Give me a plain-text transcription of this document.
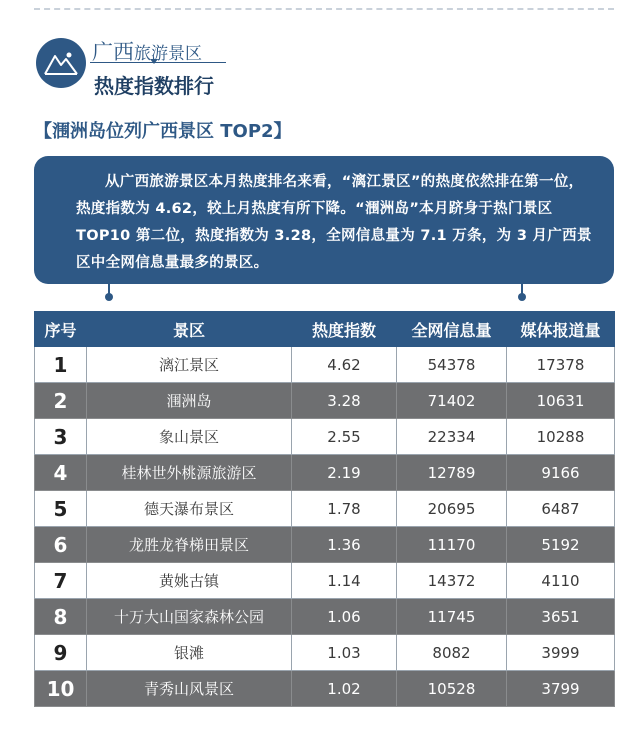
广西旅游景区
热度指数排行
【涠洲岛位列广西景区 TOP2】

从广西旅游景区本月热度排名来看，“漓江景区”的热度依然排在第一位，热度指数为 4.62，较上月热度有所下降。“涠洲岛”本月跻身于热门景区 TOP10 第二位，热度指数为 3.28，全网信息量为 7.1 万条，为 3 月广西景区中全网信息量最多的景区。

序号	景区	热度指数	全网信息量	媒体报道量
1	漓江景区	4.62	54378	17378
2	涠洲岛	3.28	71402	10631
3	象山景区	2.55	22334	10288
4	桂林世外桃源旅游区	2.19	12789	9166
5	德天瀑布景区	1.78	20695	6487
6	龙胜龙脊梯田景区	1.36	11170	5192
7	黄姚古镇	1.14	14372	4110
8	十万大山国家森林公园	1.06	11745	3651
9	银滩	1.03	8082	3999
10	青秀山风景区	1.02	10528	3799
